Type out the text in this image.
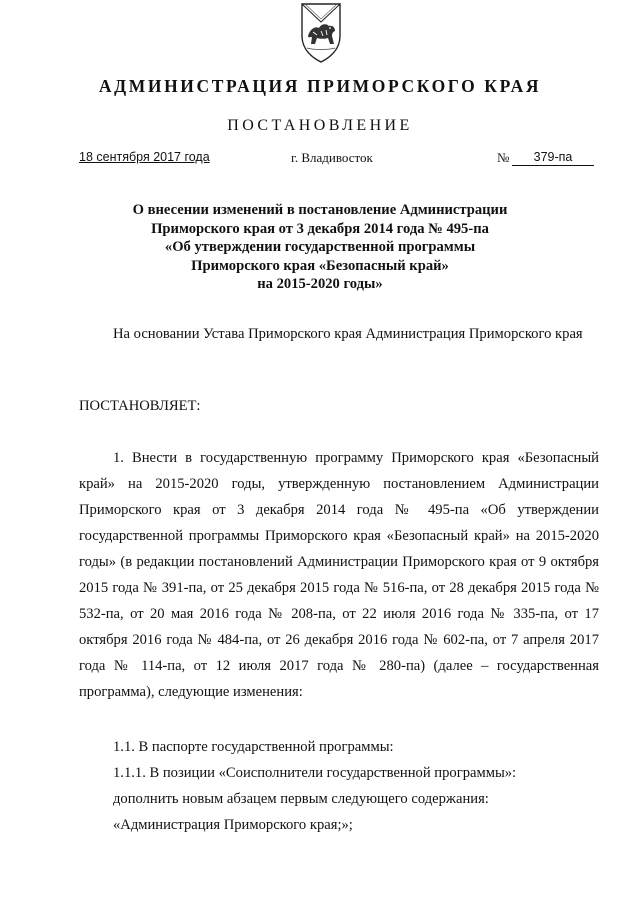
АДМИНИСТРАЦИЯ ПРИМОРСКОГО КРАЯ
ПОСТАНОВЛЕНИЕ
18 сентября 2017 года	г. Владивосток	№	379-па
О внесении изменений в постановление Администрации
Приморского края от 3 декабря 2014 года № 495-па
«Об утверждении государственной программы
Приморского края «Безопасный край»
на 2015-2020 годы»

На основании Устава Приморского края Администрация Приморского края

ПОСТАНОВЛЯЕТ:

1. Внести в государственную программу Приморского края «Безопасный край» на 2015-2020 годы, утвержденную постановлением Администрации Приморского края от 3 декабря 2014 года № 495-па «Об утверждении государственной программы Приморского края «Безопасный край» на 2015-2020 годы» (в редакции постановлений Администрации Приморского края от 9 октября 2015 года № 391-па, от 25 декабря 2015 года № 516-па, от 28 декабря 2015 года № 532-па, от 20 мая 2016 года № 208-па, от 22 июля 2016 года № 335-па, от 17 октября 2016 года № 484-па, от 26 декабря 2016 года № 602-па, от 7 апреля 2017 года № 114-па, от 12 июля 2017 года № 280-па) (далее – государственная программа), следующие изменения:

1.1. В паспорте государственной программы:

1.1.1. В позиции «Соисполнители государственной программы»:

дополнить новым абзацем первым следующего содержания:

«Администрация Приморского края;»;
